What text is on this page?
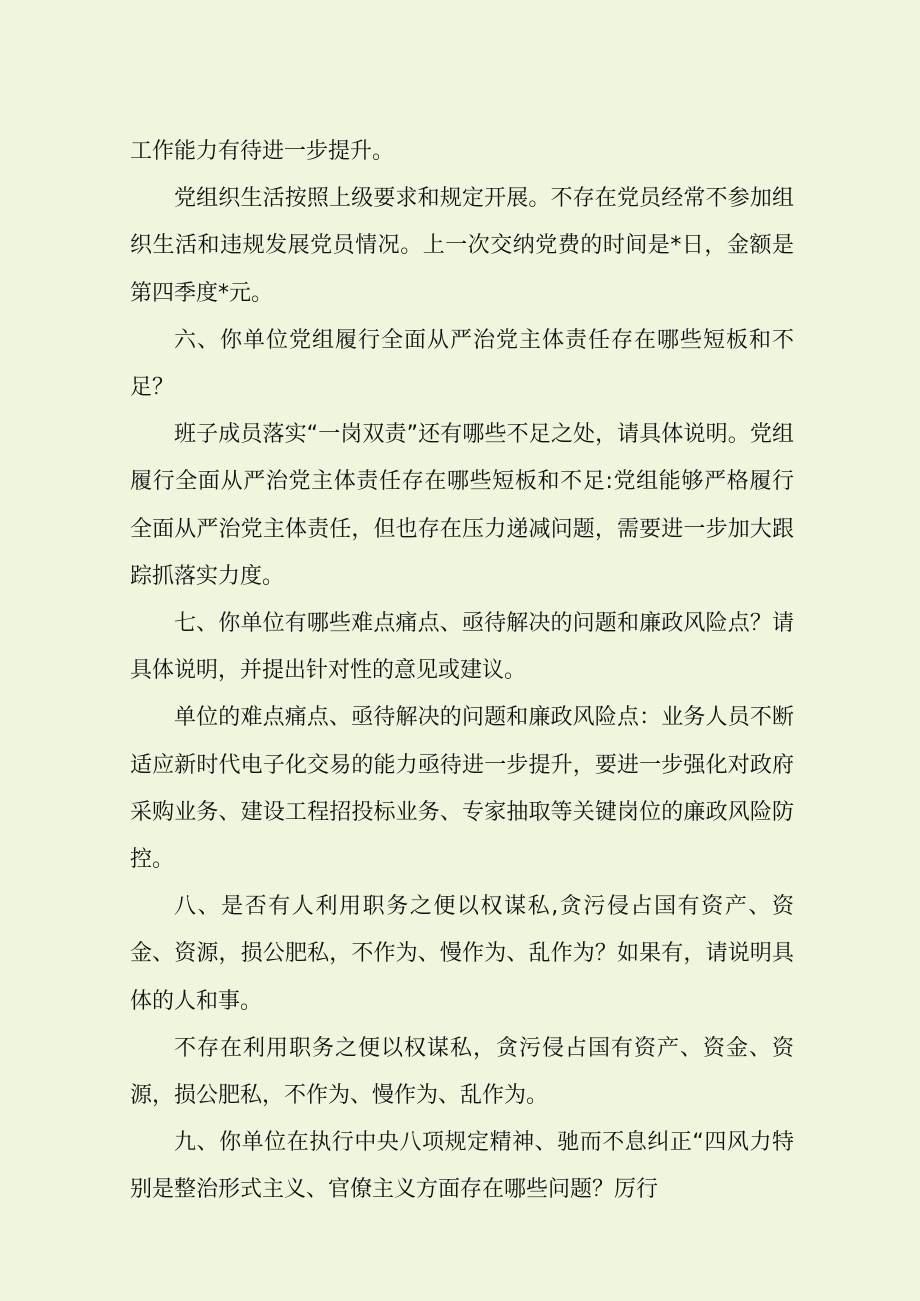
工作能力有待进一步提升。

党组织生活按照上级要求和规定开展。不存在党员经常不参加组织生活和违规发展党员情况。上一次交纳党费的时间是*日，金额是第四季度*元。

六、你单位党组履行全面从严治党主体责任存在哪些短板和不足？

班子成员落实“一岗双责”还有哪些不足之处，请具体说明。党组履行全面从严治党主体责任存在哪些短板和不足:党组能够严格履行全面从严治党主体责任，但也存在压力递减问题，需要进一步加大跟踪抓落实力度。

七、你单位有哪些难点痛点、亟待解决的问题和廉政风险点？请具体说明，并提出针对性的意见或建议。

单位的难点痛点、亟待解决的问题和廉政风险点：业务人员不断适应新时代电子化交易的能力亟待进一步提升，要进一步强化对政府采购业务、建设工程招投标业务、专家抽取等关键岗位的廉政风险防控。

八、是否有人利用职务之便以权谋私,贪污侵占国有资产、资金、资源，损公肥私，不作为、慢作为、乱作为？如果有，请说明具体的人和事。

不存在利用职务之便以权谋私，贪污侵占国有资产、资金、资源，损公肥私，不作为、慢作为、乱作为。

九、你单位在执行中央八项规定精神、驰而不息纠正“四风力特别是整治形式主义、官僚主义方面存在哪些问题？厉行
